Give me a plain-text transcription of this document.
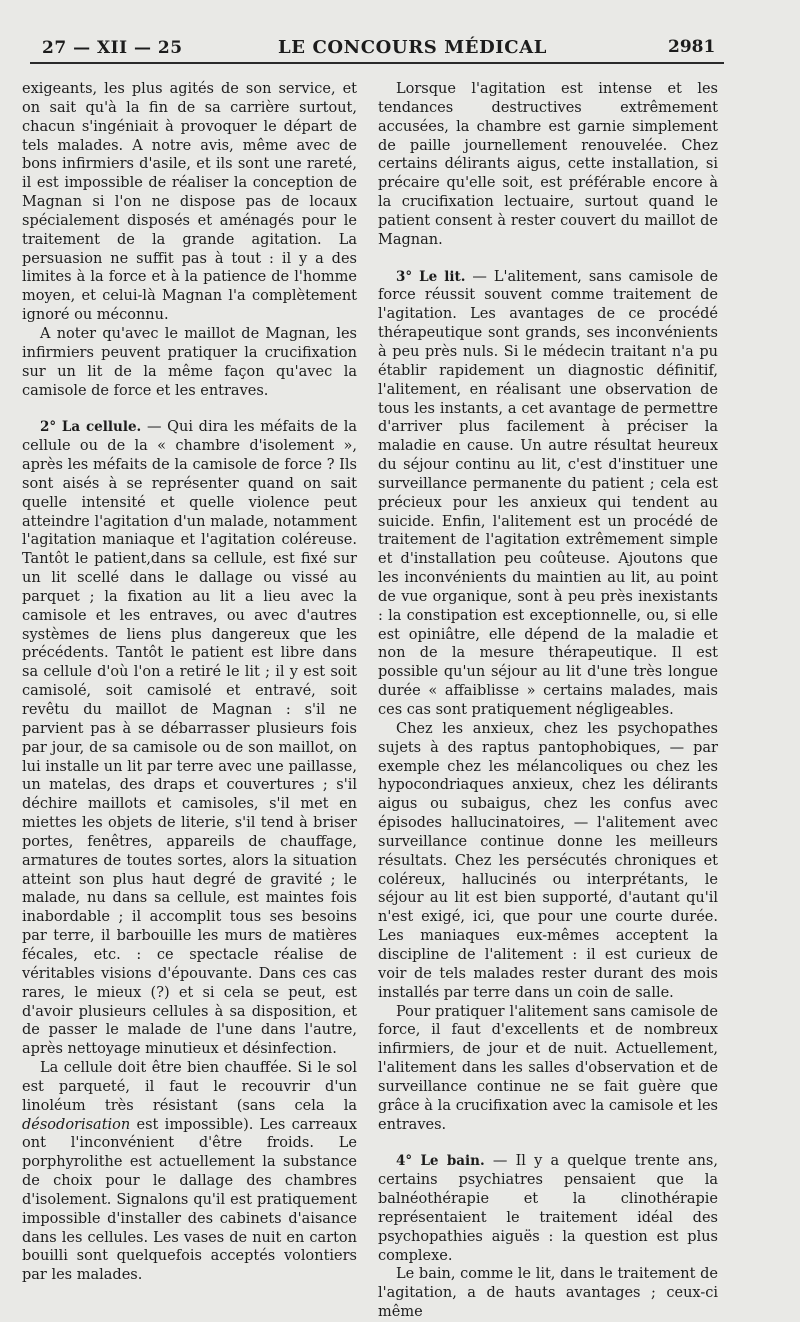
27 — XII — 25	LE CONCOURS MÉDICAL	2981

exigeants, les plus agités de son service, et on sait qu'à la fin de sa carrière surtout, chacun s'ingéniait à provoquer le départ de tels malades. A notre avis, même avec de bons infirmiers d'asile, et ils sont une rareté, il est impossible de réaliser la conception de Magnan si l'on ne dispose pas de locaux spécialement disposés et aménagés pour le traitement de la grande agitation. La persuasion ne suffit pas à tout : il y a des limites à la force et à la patience de l'homme moyen, et celui-là Magnan l'a complètement ignoré ou méconnu.

A noter qu'avec le maillot de Magnan, les infirmiers peuvent pratiquer la crucifixation sur un lit de la même façon qu'avec la camisole de force et les entraves.

2° La cellule. — Qui dira les méfaits de la cellule ou de la « chambre d'isolement », après les méfaits de la camisole de force ? Ils sont aisés à se représenter quand on sait quelle intensité et quelle violence peut atteindre l'agitation d'un malade, notamment l'agitation maniaque et l'agitation coléreuse. Tantôt le patient,dans sa cellule, est fixé sur un lit scellé dans le dallage ou vissé au parquet ; la fixation au lit a lieu avec la camisole et les entraves, ou avec d'autres systèmes de liens plus dangereux que les précédents. Tantôt le patient est libre dans sa cellule d'où l'on a retiré le lit ; il y est soit camisolé, soit camisolé et entravé, soit revêtu du maillot de Magnan : s'il ne parvient pas à se débarrasser plusieurs fois par jour, de sa camisole ou de son maillot, on lui installe un lit par terre avec une paillasse, un matelas, des draps et couvertures ; s'il déchire maillots et camisoles, s'il met en miettes les objets de literie, s'il tend à briser portes, fenêtres, appareils de chauffage, armatures de toutes sortes, alors la situation atteint son plus haut degré de gravité ; le malade, nu dans sa cellule, est maintes fois inabordable ; il accomplit tous ses besoins par terre, il barbouille les murs de matières fécales, etc. : ce spectacle réalise de véritables visions d'épouvante. Dans ces cas rares, le mieux (?) et si cela se peut, est d'avoir plusieurs cellules à sa disposition, et de passer le malade de l'une dans l'autre, après nettoyage minutieux et désinfection.

La cellule doit être bien chauffée. Si le sol est parqueté, il faut le recouvrir d'un linoléum très résistant (sans cela la désodorisation est impossible). Les carreaux ont l'inconvénient d'être froids. Le porphyrolithe est actuellement la substance de choix pour le dallage des chambres d'isolement. Signalons qu'il est pratiquement impossible d'installer des cabinets d'aisance dans les cellules. Les vases de nuit en carton bouilli sont quelquefois acceptés volontiers par les malades.

Lorsque l'agitation est intense et les tendances destructives extrêmement accusées, la chambre est garnie simplement de paille journellement renouvelée. Chez certains délirants aigus, cette installation, si précaire qu'elle soit, est préférable encore à la crucifixation lectuaire, surtout quand le patient consent à rester couvert du maillot de Magnan.

3° Le lit. — L'alitement, sans camisole de force réussit souvent comme traitement de l'agitation. Les avantages de ce procédé thérapeutique sont grands, ses inconvénients à peu près nuls. Si le médecin traitant n'a pu établir rapidement un diagnostic définitif, l'alitement, en réalisant une observation de tous les instants, a cet avantage de permettre d'arriver plus facilement à préciser la maladie en cause. Un autre résultat heureux du séjour continu au lit, c'est d'instituer une surveillance permanente du patient ; cela est précieux pour les anxieux qui tendent au suicide. Enfin, l'alitement est un procédé de traitement de l'agitation extrêmement simple et d'installation peu coûteuse. Ajoutons que les inconvénients du maintien au lit, au point de vue organique, sont à peu près inexistants : la constipation est exceptionnelle, ou, si elle est opiniâtre, elle dépend de la maladie et non de la mesure thérapeutique. Il est possible qu'un séjour au lit d'une très longue durée « affaiblisse » certains malades, mais ces cas sont pratiquement négligeables.

Chez les anxieux, chez les psychopathes sujets à des raptus pantophobiques, — par exemple chez les mélancoliques ou chez les hypocondriaques anxieux, chez les délirants aigus ou subaigus, chez les confus avec épisodes hallucinatoires, — l'alitement avec surveillance continue donne les meilleurs résultats. Chez les persécutés chroniques et coléreux, hallucinés ou interprétants, le séjour au lit est bien supporté, d'autant qu'il n'est exigé, ici, que pour une courte durée. Les maniaques eux-mêmes acceptent la discipline de l'alitement : il est curieux de voir de tels malades rester durant des mois installés par terre dans un coin de salle.

Pour pratiquer l'alitement sans camisole de force, il faut d'excellents et de nombreux infirmiers, de jour et de nuit. Actuellement, l'alitement dans les salles d'observation et de surveillance continue ne se fait guère que grâce à la crucifixation avec la camisole et les entraves.

4° Le bain. — Il y a quelque trente ans, certains psychiatres pensaient que la balnéothérapie et la clinothérapie représentaient le traitement idéal des psychopathies aiguës : la question est plus complexe.

Le bain, comme le lit, dans le traitement de l'agitation, a de hauts avantages ; ceux-ci même
